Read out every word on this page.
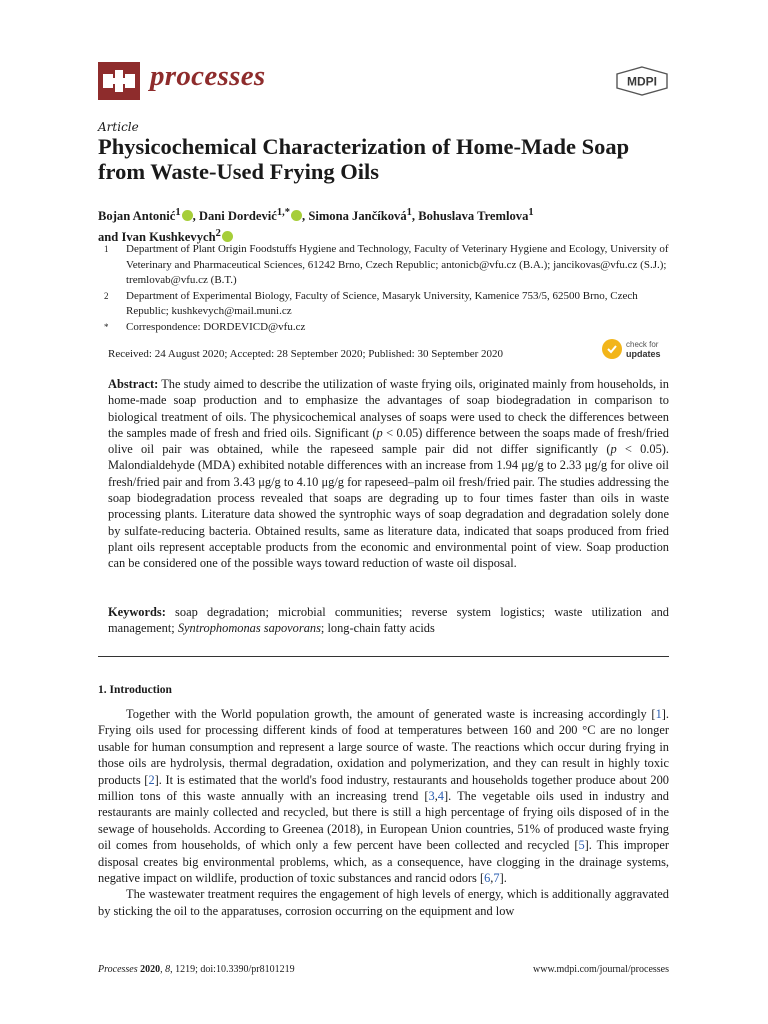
processes	MDPI
Article
Physicochemical Characterization of Home-Made Soap from Waste-Used Frying Oils
Bojan Antonić$^1$ , Dani Dordević$^{1,*}$ , Simona Jančíková$^1$, Bohuslava Tremlova$^1$
and Ivan Kushkevych$^2$
1	Department of Plant Origin Foodstuffs Hygiene and Technology, Faculty of Veterinary Hygiene and Ecology, University of Veterinary and Pharmaceutical Sciences, 61242 Brno, Czech Republic; antonicb@vfu.cz (B.A.); jancikovas@vfu.cz (S.J.); tremlovab@vfu.cz (B.T.)
2	Department of Experimental Biology, Faculty of Science, Masaryk University, Kamenice 753/5, 62500 Brno, Czech Republic; kushkevych@mail.muni.cz
*	Correspondence: DORDEVICD@vfu.cz
Received: 24 August 2020; Accepted: 28 September 2020; Published: 30 September 2020
check for
updates

Abstract: The study aimed to describe the utilization of waste frying oils, originated mainly from households, in home-made soap production and to emphasize the advantages of soap biodegradation in comparison to biological treatment of oils. The physicochemical analyses of soaps were used to check the differences between the samples made of fresh and fried oils. Significant (p < 0.05) difference between the soaps made of fresh/fried olive oil pair was obtained, while the rapeseed sample pair did not differ significantly (p < 0.05). Malondialdehyde (MDA) exhibited notable differences with an increase from 1.94 μg/g to 2.33 μg/g for olive oil fresh/fried pair and from 3.43 μg/g to 4.10 μg/g for rapeseed–palm oil fresh/fried pair. The studies addressing the soap biodegradation process revealed that soaps are degrading up to four times faster than oils in waste processing plants. Literature data showed the syntrophic ways of soap degradation and degradation solely done by sulfate-reducing bacteria. Obtained results, same as literature data, indicated that soaps produced from fried plant oils represent acceptable products from the economic and environmental point of view. Soap production can be considered one of the possible ways toward reduction of waste oil disposal.

Keywords: soap degradation; microbial communities; reverse system logistics; waste utilization and management; Syntrophomonas sapovorans; long-chain fatty acids

1. Introduction

Together with the World population growth, the amount of generated waste is increasing accordingly [1]. Frying oils used for processing different kinds of food at temperatures between 160 and 200 °C are no longer usable for human consumption and represent a large source of waste. The reactions which occur during frying in those oils are hydrolysis, thermal degradation, oxidation and polymerization, and they can result in highly toxic products [2]. It is estimated that the world's food industry, restaurants and households together produce about 200 million tons of this waste annually with an increasing trend [3,4]. The vegetable oils used in industry and restaurants are mainly collected and recycled, but there is still a high percentage of frying oils disposed of in the sewage of households. According to Greenea (2018), in European Union countries, 51% of produced waste frying oil comes from households, of which only a few percent have been collected and recycled [5]. This improper disposal creates big environmental problems, which, as a consequence, have clogging in the drainage systems, negative impact on wildlife, production of toxic substances and rancid odors [6,7].

The wastewater treatment requires the engagement of high levels of energy, which is additionally aggravated by sticking the oil to the apparatuses, corrosion occurring on the equipment and low

Processes 2020, 8, 1219; doi:10.3390/pr8101219	www.mdpi.com/journal/processes
